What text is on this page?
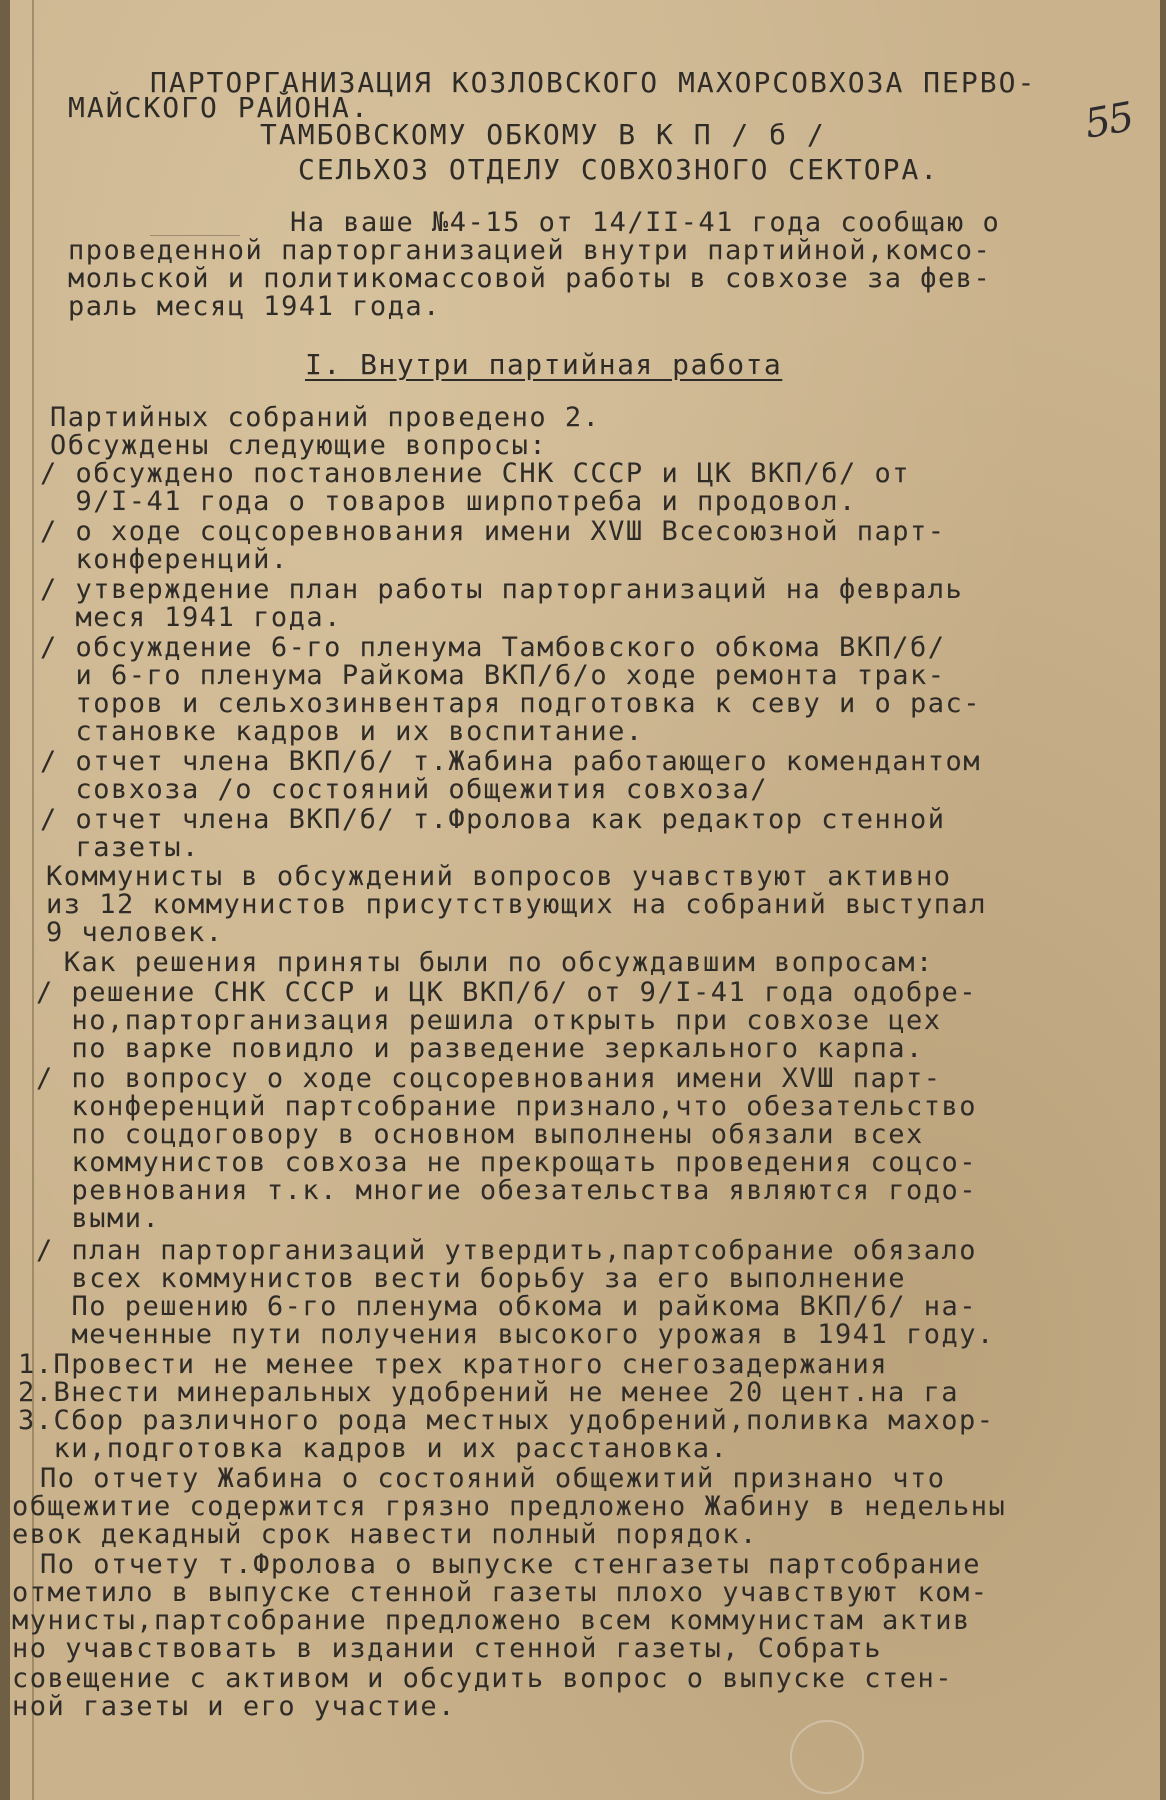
55
ПАРТОРГАНИЗАЦИЯ КОЗЛОВСКОГО МАХОРСОВХОЗА ПЕРВО-
МАЙСКОГО РАЙОНА.
ТАМБОВСКОМУ ОБКОМУ В К П / б /
СЕЛЬХОЗ ОТДЕЛУ СОВХОЗНОГО СЕКТОРА.
На ваше №4-15 от 14/II-41 года сообщаю о
проведенной парторганизацией внутри партийной,комсо-
мольской и политикомассовой работы в совхозе за фев-
раль месяц 1941 года.
I. Внутри партийная работа
Партийных собраний проведено 2.
Обсуждены следующие вопросы:
/ обсуждено постановление СНК СССР и ЦК ВКП/б/ от
9/I-41 года о товаров ширпотреба и продовол.
/ о ходе соцсоревнования имени ХVШ Всесоюзной парт-
конференций.
/ утверждение план работы парторганизаций на февраль
меся 1941 года.
/ обсуждение 6-го пленума Тамбовского обкома ВКП/б/
и 6-го пленума Райкома ВКП/б/о ходе ремонта трак-
торов и сельхозинвентаря подготовка к севу и о рас-
становке кадров и их воспитание.
/ отчет члена ВКП/б/ т.Жабина работающего комендантом
совхоза /о состояний общежития совхоза/
/ отчет члена ВКП/б/ т.Фролова как редактор стенной
газеты.
Коммунисты в обсуждений вопросов учавствуют активно
из 12 коммунистов присутствующих на собраний выступал
9 человек.
Как решения приняты были по обсуждавшим вопросам:
/ решение СНК СССР и ЦК ВКП/б/ от 9/I-41 года одобре-
но,парторганизация решила открыть при совхозе цех
по варке повидло и разведение зеркального карпа.
/ по вопросу о ходе соцсоревнования имени ХVШ парт-
конференций партсобрание признало,что обезательство
по соцдоговору в основном выполнены обязали всех
коммунистов совхоза не прекрощать проведения соцсо-
ревнования т.к. многие обезательства являются годо-
выми.
/ план парторганизаций утвердить,партсобрание обязало
всех коммунистов вести борьбу за его выполнение
По решению 6-го пленума обкома и райкома ВКП/б/ на-
меченные пути получения высокого урожая в 1941 году.
1.Провести не менее трех кратного снегозадержания
2.Внести минеральных удобрений не менее 20 цент.на га
3.Сбор различного рода местных удобрений,поливка махор-
ки,подготовка кадров и их расстановка.
По отчету Жабина о состояний общежитий признано что
общежитие содержится грязно предложено Жабину в недельны
евок декадный срок навести полный порядок.
По отчету т.Фролова о выпуске стенгазеты партсобрание
отметило в выпуске стенной газеты плохо учавствуют ком-
мунисты,партсобрание предложено всем коммунистам актив
но учавствовать в издании стенной газеты, Собрать
совещение с активом и обсудить вопрос о выпуске стен-
ной газеты и его участие.
